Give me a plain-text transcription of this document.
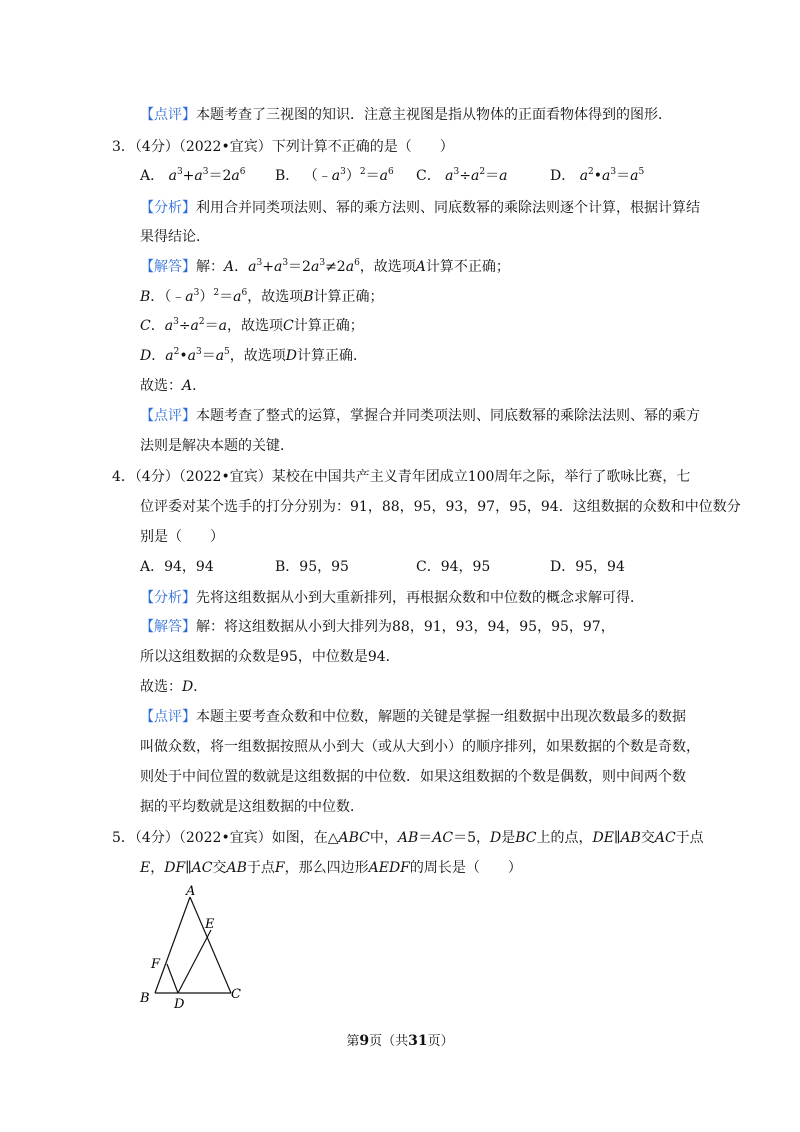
【点评】本题考查了三视图的知识．注意主视图是指从物体的正面看物体得到的图形．
3．（4分）（2022•宜宾）下列计算不正确的是（　　）
A． $a^3+a^3=2a^6$ B． $(﹣a^3)^2=a^6$ C． $a^3\div a^2=a$	D． $a^2•a^3=a^5$
【分析】利用合并同类项法则、幂的乘方法则、同底数幂的乘除法则逐个计算，根据计算结
果得结论．
【解答】解：A．$a^3+a^3=2a^3\ne 2a^6$，故选项A计算不正确；
B．$(﹣a^3)^2=a^6$，故选项B计算正确；
C．$a^3\div a^2=a$，故选项C计算正确；
D．$a^2•a^3=a^5$，故选项D计算正确．
故选：A．
【点评】本题考查了整式的运算，掌握合并同类项法则、同底数幂的乘除法法则、幂的乘方
法则是解决本题的关键．
4．（4分）（2022•宜宾）某校在中国共产主义青年团成立100周年之际，举行了歌咏比赛，七
位评委对某个选手的打分分别为：91，88，95，93，97，95，94．这组数据的众数和中位数分
别是（　　）
A．94，94	B．95，95	C．94，95	D．95，94
【分析】先将这组数据从小到大重新排列，再根据众数和中位数的概念求解可得．
【解答】解：将这组数据从小到大排列为88，91，93，94，95，95，97，
所以这组数据的众数是95，中位数是94．
故选：D．
【点评】本题主要考查众数和中位数，解题的关键是掌握一组数据中出现次数最多的数据
叫做众数，将一组数据按照从小到大（或从大到小）的顺序排列，如果数据的个数是奇数，
则处于中间位置的数就是这组数据的中位数．如果这组数据的个数是偶数，则中间两个数
据的平均数就是这组数据的中位数．
5．（4分）（2022•宜宾）如图，在△ABC中，AB＝AC＝5，D是BC上的点，DE∥AB交AC于点
E，DF∥AC交AB于点F，那么四边形AEDF的周长是（　　）
A
E
F
B D
C
第9页（共31页）
